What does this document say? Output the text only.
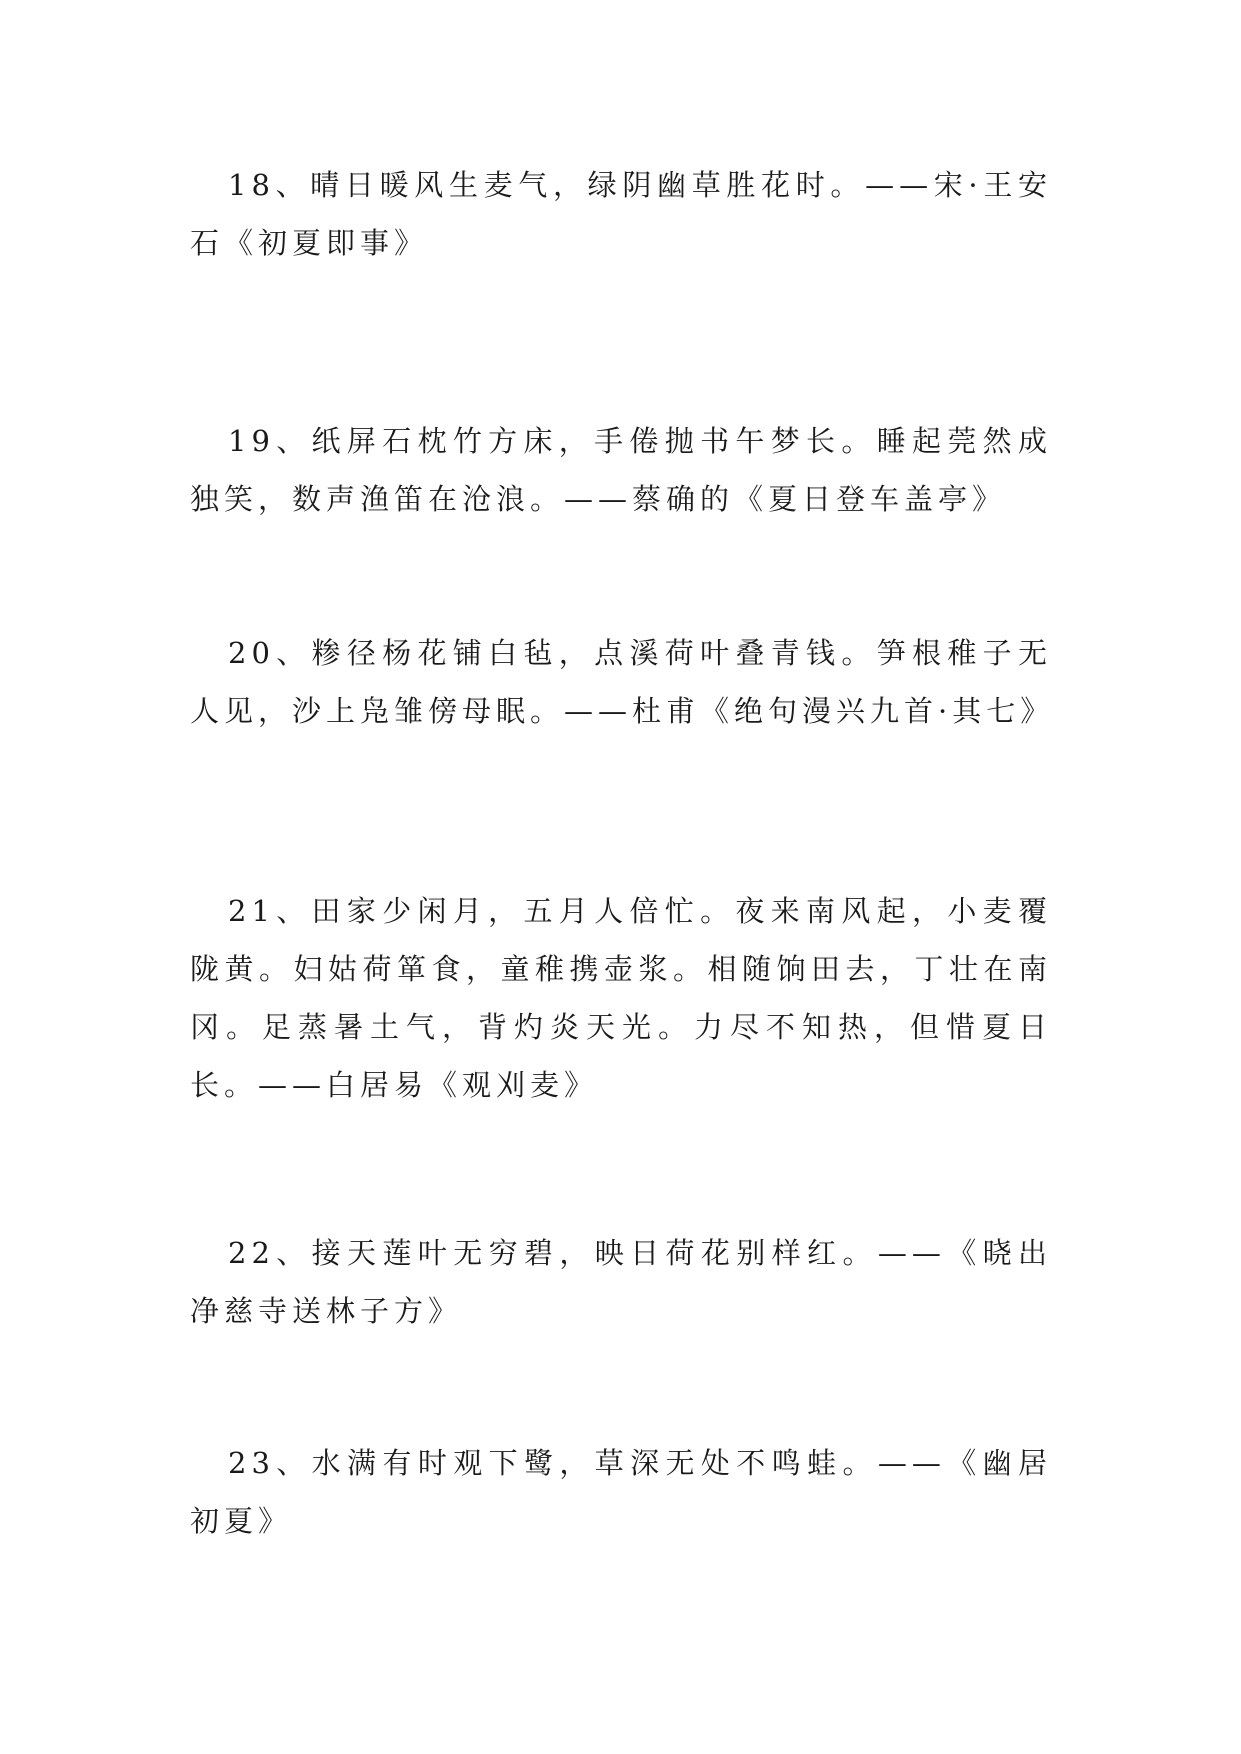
18、晴日暖风生麦气，绿阴幽草胜花时。——宋·王安石《初夏即事》

19、纸屏石枕竹方床，手倦抛书午梦长。睡起莞然成独笑，数声渔笛在沧浪。——蔡确的《夏日登车盖亭》

20、糁径杨花铺白毡，点溪荷叶叠青钱。笋根稚子无人见，沙上凫雏傍母眠。——杜甫《绝句漫兴九首·其七》

21、田家少闲月，五月人倍忙。夜来南风起，小麦覆陇黄。妇姑荷箪食，童稚携壶浆。相随饷田去，丁壮在南冈。足蒸暑土气，背灼炎天光。力尽不知热，但惜夏日长。——白居易《观刈麦》

22、接天莲叶无穷碧，映日荷花别样红。——《晓出净慈寺送林子方》

23、水满有时观下鹭，草深无处不鸣蛙。——《幽居初夏》
